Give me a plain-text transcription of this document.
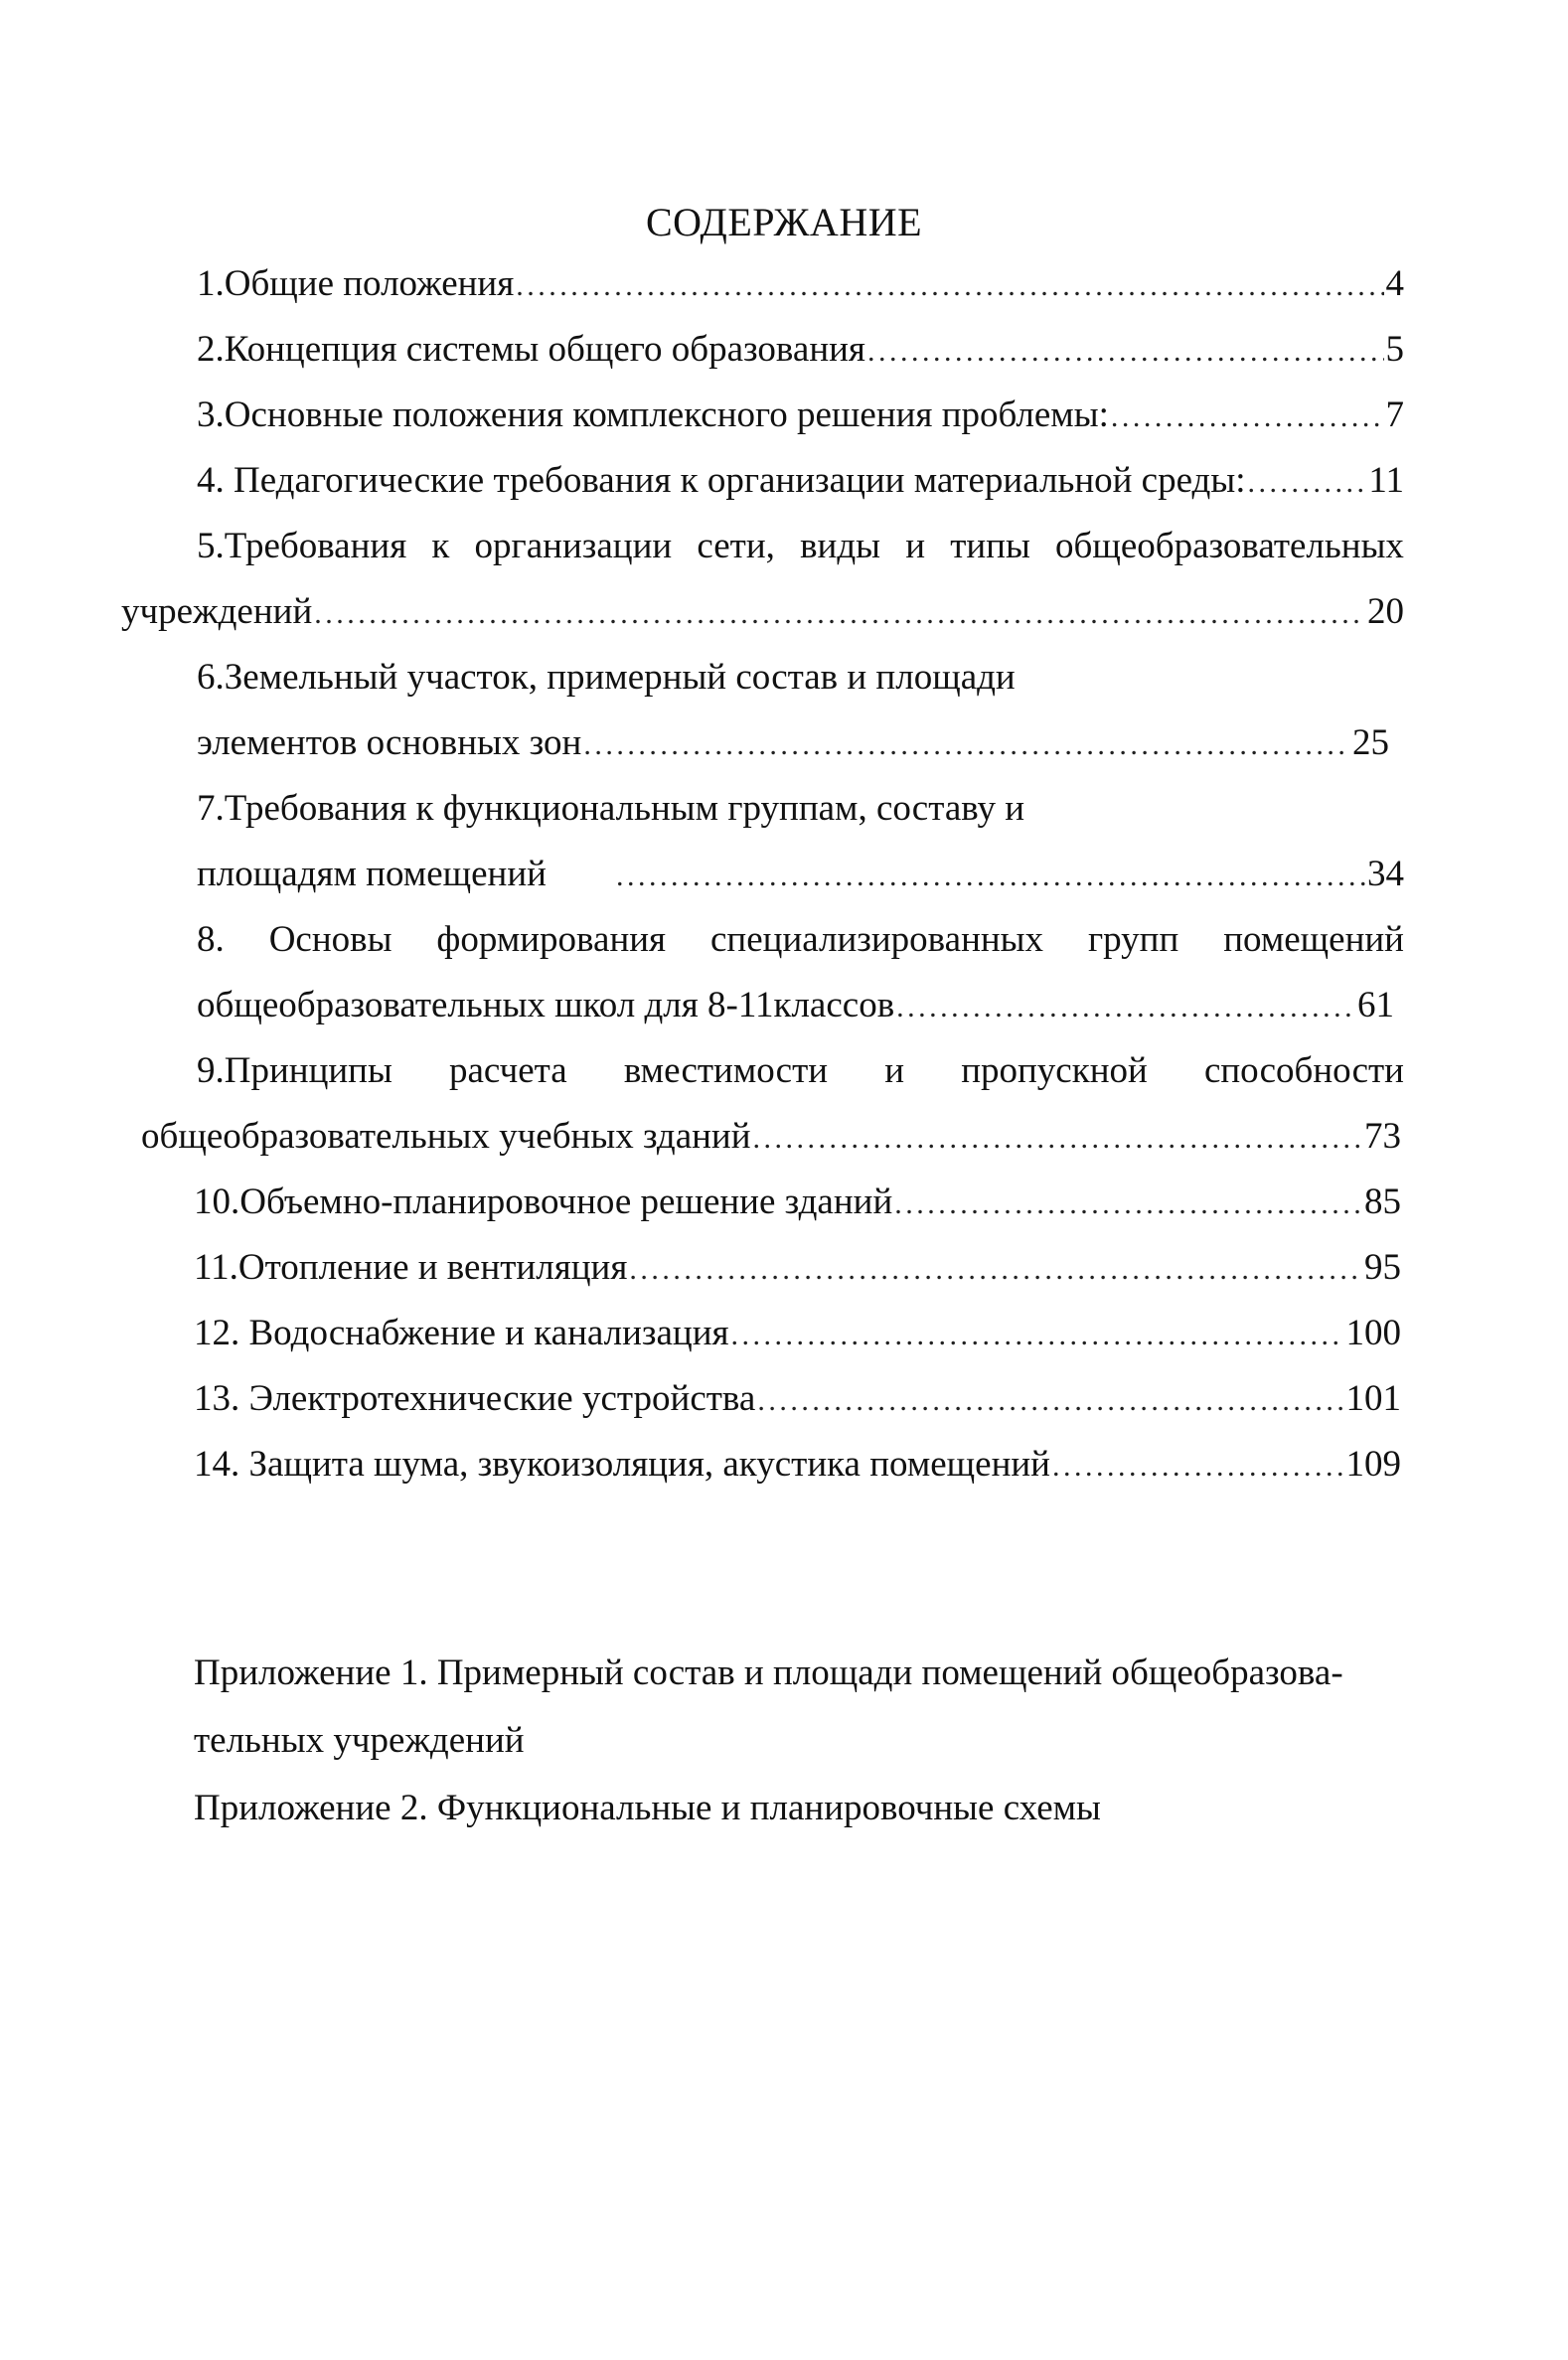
СОДЕРЖАНИЕ
1.Общие положения . . .	4
2.Концепция системы общего образования . . .	5
3.Основные положения комплексного решения проблемы: . . .	7
4. Педагогические требования к организации материальной среды: . . .	11
5.Требования к организации сети, виды и типы общеобразовательных
учреждений . . .	20
6.Земельный участок, примерный состав и площади
элементов основных зон . . .	25
7.Требования к функциональным группам, составу и
площадям помещений . . .	34
8. Основы формирования специализированных групп помещений
общеобразовательных школ для 8-11классов . . .	61
9.Принципы расчета вместимости и пропускной способности
общеобразовательных учебных зданий . . .	73
10.Объемно-планировочное решение зданий . . .	85
11.Отопление и вентиляция . . .	95
12. Водоснабжение и канализация . . .	100
13. Электротехнические устройства . . .	101
14. Защита шума, звукоизоляция, акустика помещений . . .	109
Приложение 1. Примерный состав и площади помещений общеобразова-
тельных учреждений
Приложение 2. Функциональные и планировочные схемы
